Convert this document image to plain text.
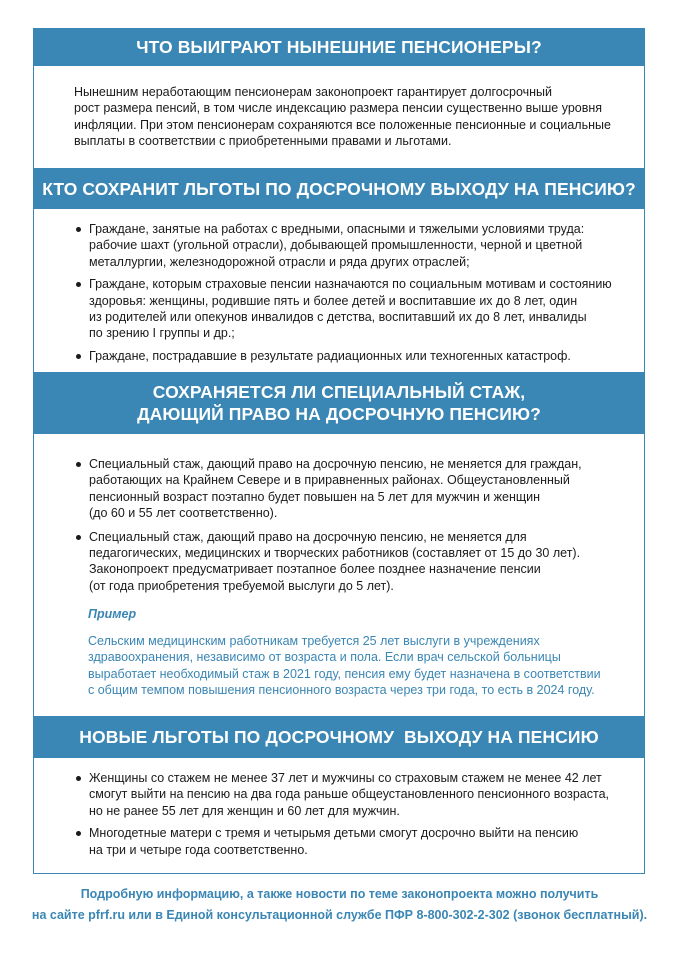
ЧТО ВЫИГРАЮТ НЫНЕШНИЕ ПЕНСИОНЕРЫ?
Нынешним неработающим пенсионерам законопроект гарантирует долгосрочный
рост размера пенсий, в том числе индексацию размера пенсии существенно выше уровня
инфляции. При этом пенсионерам сохраняются все положенные пенсионные и социальные
выплаты в соответствии с приобретенными правами и льготами.
КТО СОХРАНИТ ЛЬГОТЫ ПО ДОСРОЧНОМУ ВЫХОДУ НА ПЕНСИЮ?
Граждане, занятые на работах с вредными, опасными и тяжелыми условиями труда:
рабочие шахт (угольной отрасли), добывающей промышленности, черной и цветной
металлургии, железнодорожной отрасли и ряда других отраслей;
Граждане, которым страховые пенсии назначаются по социальным мотивам и состоянию
здоровья: женщины, родившие пять и более детей и воспитавшие их до 8 лет, один
из родителей или опекунов инвалидов с детства, воспитавший их до 8 лет, инвалиды
по зрению I группы и др.;
Граждане, пострадавшие в результате радиационных или техногенных катастроф.
СОХРАНЯЕТСЯ ЛИ СПЕЦИАЛЬНЫЙ СТАЖ,
ДАЮЩИЙ ПРАВО НА ДОСРОЧНУЮ ПЕНСИЮ?
Специальный стаж, дающий право на досрочную пенсию, не меняется для граждан,
работающих на Крайнем Севере и в приравненных районах. Общеустановленный
пенсионный возраст поэтапно будет повышен на 5 лет для мужчин и женщин
(до 60 и 55 лет соответственно).
Специальный стаж, дающий право на досрочную пенсию, не меняется для
педагогических, медицинских и творческих работников (составляет от 15 до 30 лет).
Законопроект предусматривает поэтапное более позднее назначение пенсии
(от года приобретения требуемой выслуги до 5 лет).
Пример
Сельским медицинским работникам требуется 25 лет выслуги в учреждениях
здравоохранения, независимо от возраста и пола. Если врач сельской больницы
выработает необходимый стаж в 2021 году, пенсия ему будет назначена в соответствии
с общим темпом повышения пенсионного возраста через три года, то есть в 2024 году.
НОВЫЕ ЛЬГОТЫ ПО ДОСРОЧНОМУ  ВЫХОДУ НА ПЕНСИЮ
Женщины со стажем не менее 37 лет и мужчины со страховым стажем не менее 42 лет
смогут выйти на пенсию на два года раньше общеустановленного пенсионного возраста,
но не ранее 55 лет для женщин и 60 лет для мужчин.
Многодетные матери с тремя и четырьмя детьми смогут досрочно выйти на пенсию
на три и четыре года соответственно.
Подробную информацию, а также новости по теме законопроекта можно получить
на сайте pfrf.ru или в Единой консультационной службе ПФР 8-800-302-2-302 (звонок бесплатный).
